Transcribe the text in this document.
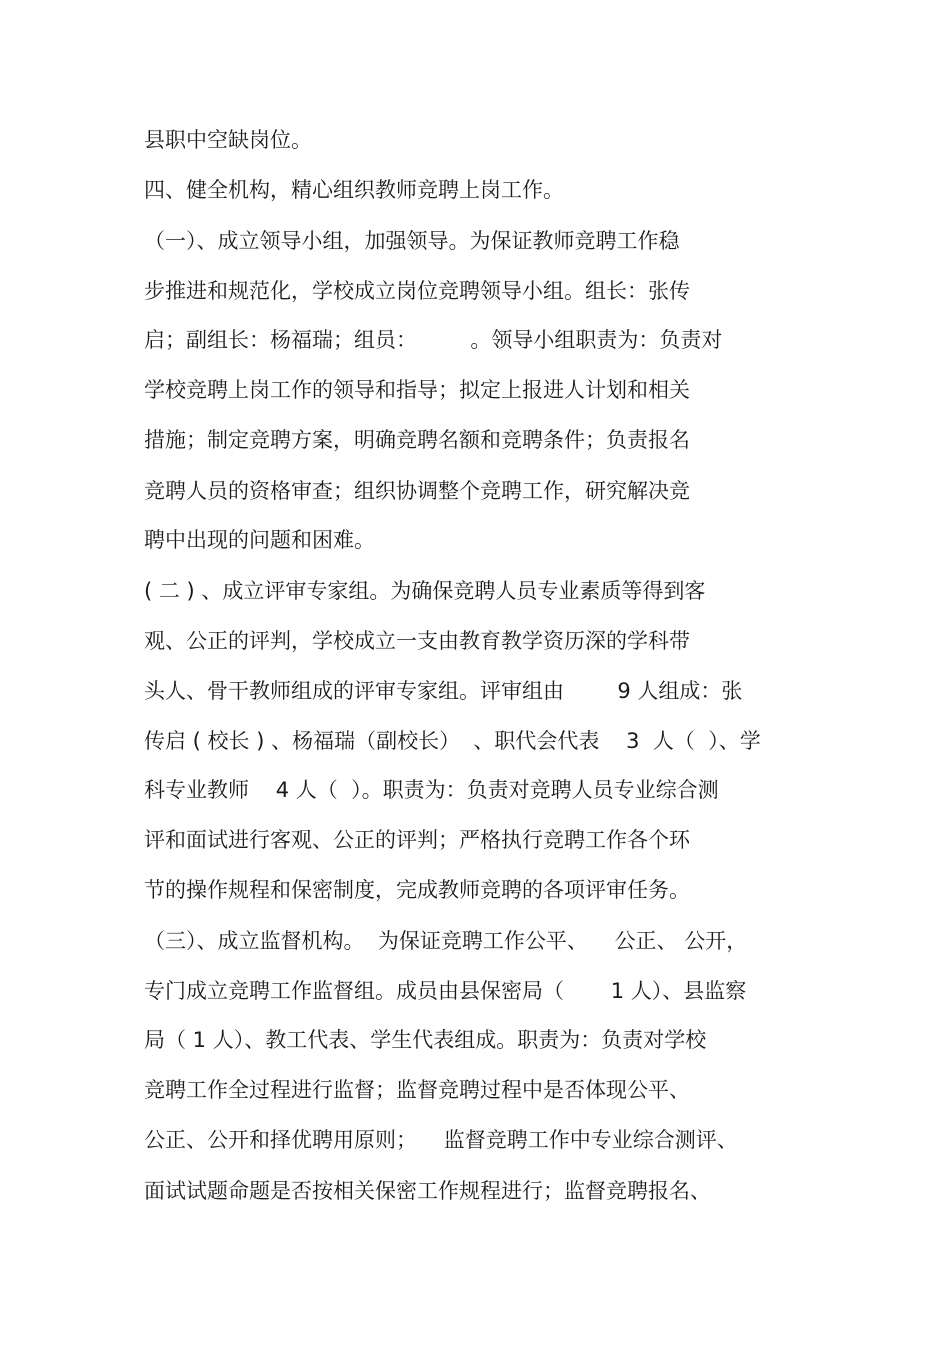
县职中空缺岗位。
四、健全机构，精心组织教师竞聘上岗工作。
（一）、成立领导小组，加强领导。为保证教师竞聘工作稳
步推进和规范化，学校成立岗位竞聘领导小组。组长：张传
启；副组长：杨福瑞；组员：        。领导小组职责为：负责对
学校竞聘上岗工作的领导和指导；拟定上报进人计划和相关
措施；制定竞聘方案，明确竞聘名额和竞聘条件；负责报名
竞聘人员的资格审查；组织协调整个竞聘工作，研究解决竞
聘中出现的问题和困难。
( 二 ) 、成立评审专家组。为确保竞聘人员专业素质等得到客
观、公正的评判，学校成立一支由教育教学资历深的学科带
头人、骨干教师组成的评审专家组。评审组由        9 人组成：张
传启 ( 校长 ) 、杨福瑞（副校长）  、职代会代表    3  人（  ）、学
科专业教师    4 人（  ）。职责为：负责对竞聘人员专业综合测
评和面试进行客观、公正的评判；严格执行竞聘工作各个环
节的操作规程和保密制度，完成教师竞聘的各项评审任务。
（三）、成立监督机构。  为保证竞聘工作公平、    公正、 公开，
专门成立竞聘工作监督组。成员由县保密局（       1 人）、县监察
局（ 1 人）、教工代表、学生代表组成。职责为：负责对学校
竞聘工作全过程进行监督；监督竞聘过程中是否体现公平、
公正、公开和择优聘用原则；    监督竞聘工作中专业综合测评、
面试试题命题是否按相关保密工作规程进行；监督竞聘报名、
